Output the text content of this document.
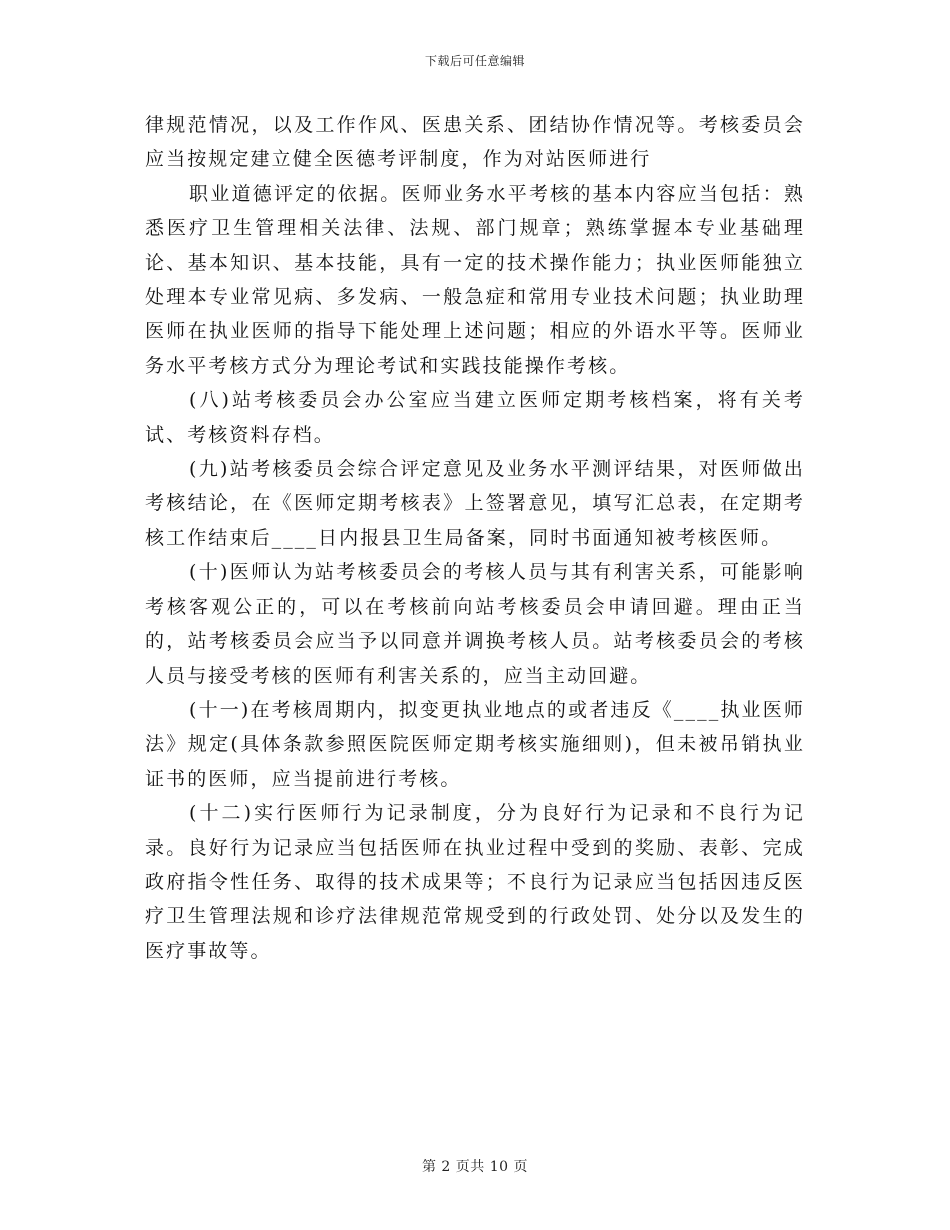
下载后可任意编辑

律规范情况，以及工作作风、医患关系、团结协作情况等。考核委员会应当按规定建立健全医德考评制度，作为对站医师进行

职业道德评定的依据。医师业务水平考核的基本内容应当包括：熟悉医疗卫生管理相关法律、法规、部门规章；熟练掌握本专业基础理论、基本知识、基本技能，具有一定的技术操作能力；执业医师能独立处理本专业常见病、多发病、一般急症和常用专业技术问题；执业助理医师在执业医师的指导下能处理上述问题；相应的外语水平等。医师业务水平考核方式分为理论考试和实践技能操作考核。

(八)站考核委员会办公室应当建立医师定期考核档案，将有关考试、考核资料存档。

(九)站考核委员会综合评定意见及业务水平测评结果，对医师做出考核结论，在《医师定期考核表》上签署意见，填写汇总表，在定期考核工作结束后____日内报县卫生局备案，同时书面通知被考核医师。

(十)医师认为站考核委员会的考核人员与其有利害关系，可能影响考核客观公正的，可以在考核前向站考核委员会申请回避。理由正当的，站考核委员会应当予以同意并调换考核人员。站考核委员会的考核人员与接受考核的医师有利害关系的，应当主动回避。

(十一)在考核周期内，拟变更执业地点的或者违反《____执业医师法》规定(具体条款参照医院医师定期考核实施细则)，但未被吊销执业证书的医师，应当提前进行考核。

(十二)实行医师行为记录制度，分为良好行为记录和不良行为记录。良好行为记录应当包括医师在执业过程中受到的奖励、表彰、完成政府指令性任务、取得的技术成果等；不良行为记录应当包括因违反医疗卫生管理法规和诊疗法律规范常规受到的行政处罚、处分以及发生的医疗事故等。

第 2 页共 10 页
